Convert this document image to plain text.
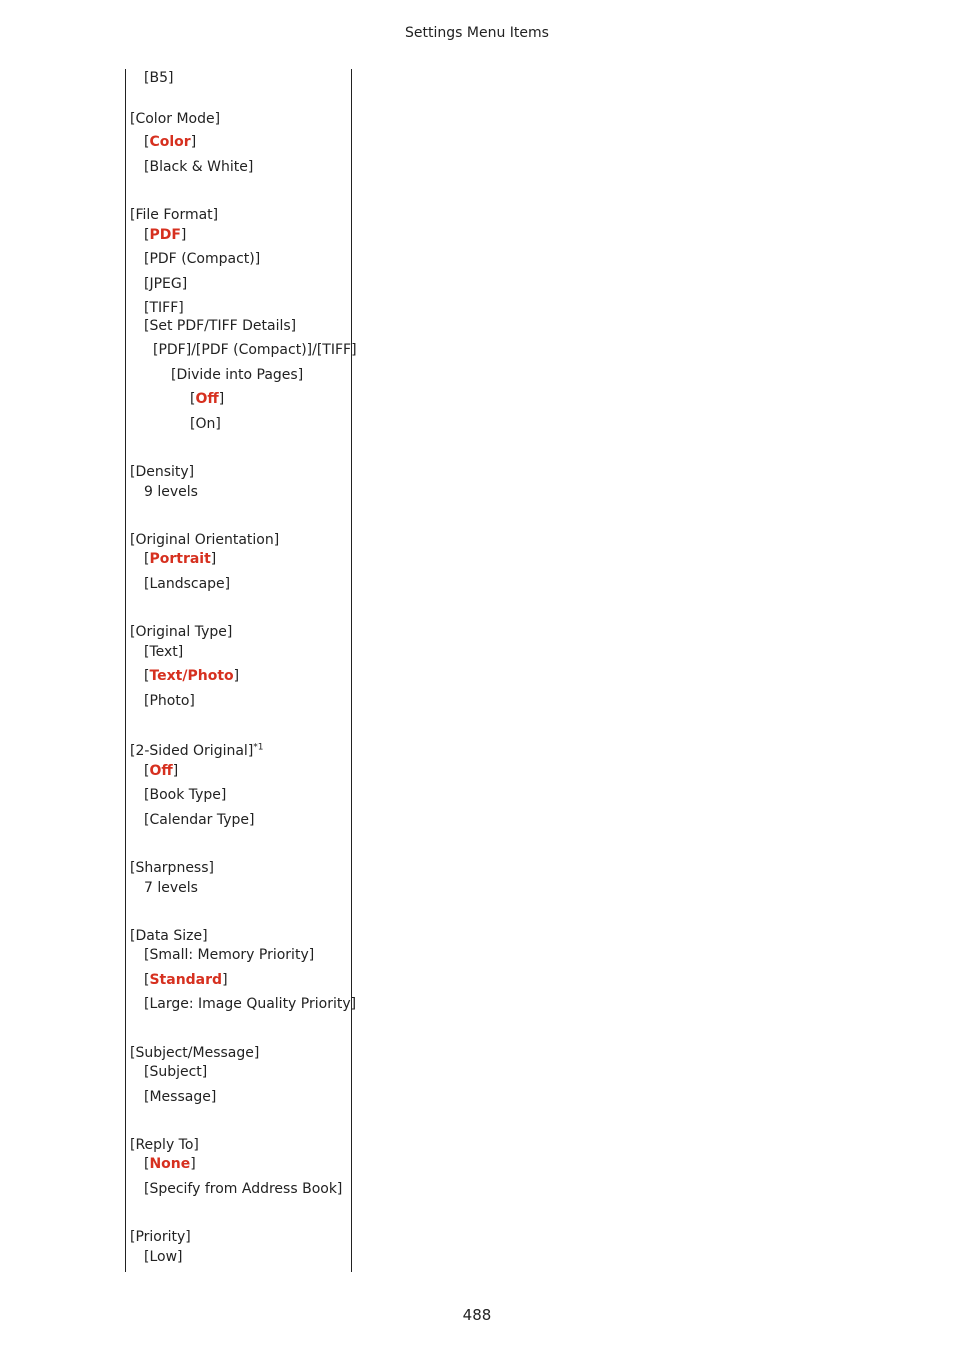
Settings Menu Items
[B5]
[Color Mode]
[Color]
[Black & White]
[File Format]
[PDF]
[PDF (Compact)]
[JPEG]
[TIFF]
[Set PDF/TIFF Details]
[PDF]/[PDF (Compact)]/[TIFF]
[Divide into Pages]
[Off]
[On]
[Density]
9 levels
[Original Orientation]
[Portrait]
[Landscape]
[Original Type]
[Text]
[Text/Photo]
[Photo]
[2-Sided Original]$^{*1}$
[Off]
[Book Type]
[Calendar Type]
[Sharpness]
7 levels
[Data Size]
[Small: Memory Priority]
[Standard]
[Large: Image Quality Priority]
[Subject/Message]
[Subject]
[Message]
[Reply To]
[None]
[Specify from Address Book]
[Priority]
[Low]
488
